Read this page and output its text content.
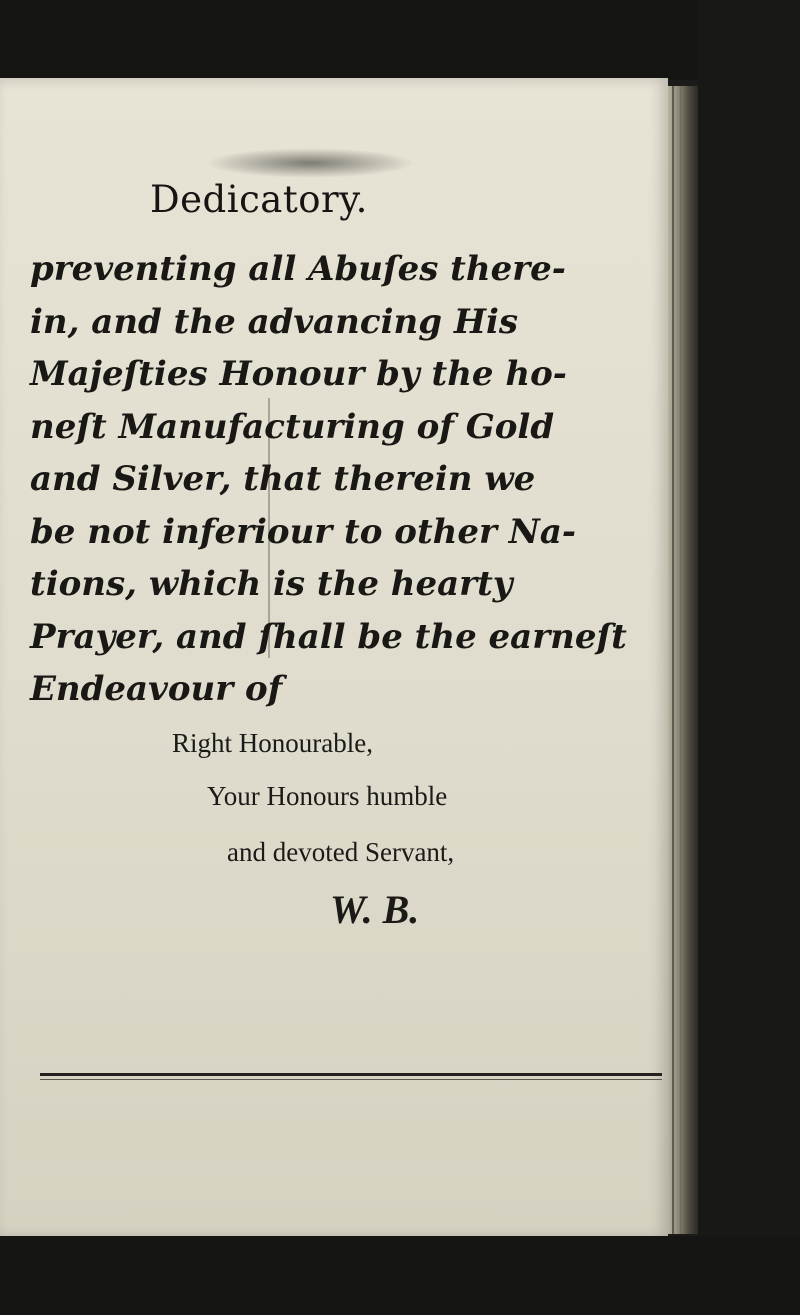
Dedicatory.
preventing all Abuſes there-
in, and the advancing His
Majeſties Honour by the ho-
neſt Manufacturing of Gold
and Silver, that therein we
be not inferiour to other Na-
tions, which is the hearty
Prayer, and ſhall be the earneſt
Endeavour of
Right Honourable,
Your Honours humble
and devoted Servant,
W. B.
